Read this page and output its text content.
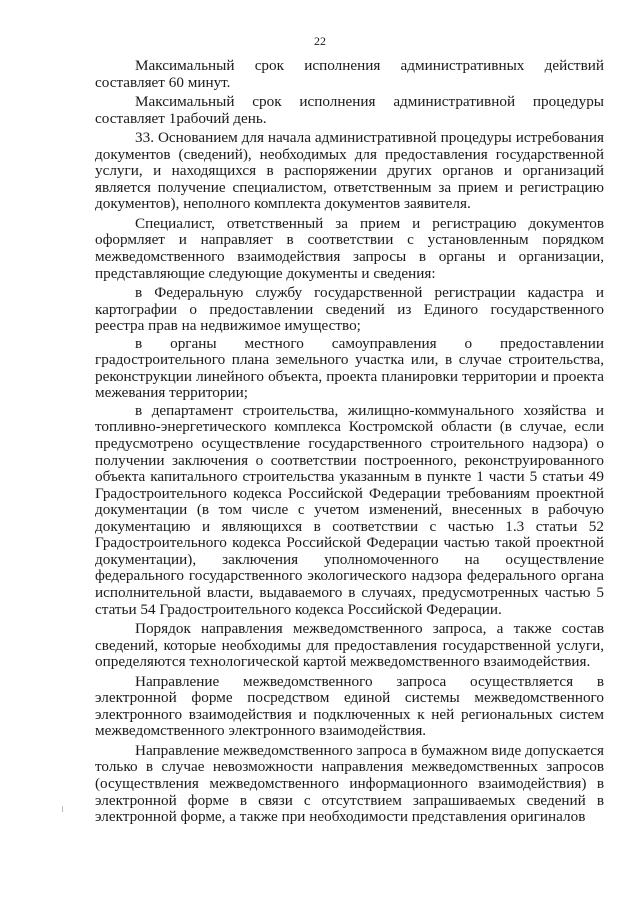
22

Максимальный срок исполнения административных действий составляет 60 минут.

Максимальный срок исполнения административной процедуры составляет 1рабочий день.

33. Основанием для начала административной процедуры истребования документов (сведений), необходимых для предоставления государственной услуги, и находящихся в распоряжении других органов и организаций является получение специалистом, ответственным за прием и регистрацию документов), неполного комплекта документов заявителя.

Специалист, ответственный за прием и регистрацию документов оформляет и направляет в соответствии с установленным порядком межведомственного взаимодействия запросы в органы и организации, представляющие следующие документы и сведения:

в Федеральную службу государственной регистрации кадастра и картографии о предоставлении сведений из Единого государственного реестра прав на недвижимое имущество;

в органы местного самоуправления о предоставлении градостроительного плана земельного участка или, в случае строительства, реконструкции линейного объекта, проекта планировки территории и проекта межевания территории;

в департамент строительства, жилищно-коммунального хозяйства и топливно-энергетического комплекса Костромской области (в случае, если предусмотрено осуществление государственного строительного надзора) о получении заключения о соответствии построенного, реконструированного объекта капитального строительства указанным в пункте 1 части 5 статьи 49 Градостроительного кодекса Российской Федерации требованиям проектной документации (в том числе с учетом изменений, внесенных в рабочую документацию и являющихся в соответствии с частью 1.3 статьи 52 Градостроительного кодекса Российской Федерации частью такой проектной документации), заключения уполномоченного на осуществление федерального государственного экологического надзора федерального органа исполнительной власти, выдаваемого в случаях, предусмотренных частью 5 статьи 54 Градостроительного кодекса Российской Федерации.

Порядок направления межведомственного запроса, а также состав сведений, которые необходимы для предоставления государственной услуги, определяются технологической картой межведомственного взаимодействия.

Направление межведомственного запроса осуществляется в электронной форме посредством единой системы межведомственного электронного взаимодействия и подключенных к ней региональных систем межведомственного электронного взаимодействия.

Направление межведомственного запроса в бумажном виде допускается только в случае невозможности направления межведомственных запросов (осуществления межведомственного информационного взаимодействия) в электронной форме в связи с отсутствием запрашиваемых сведений в электронной форме, а также при необходимости представления оригиналов
